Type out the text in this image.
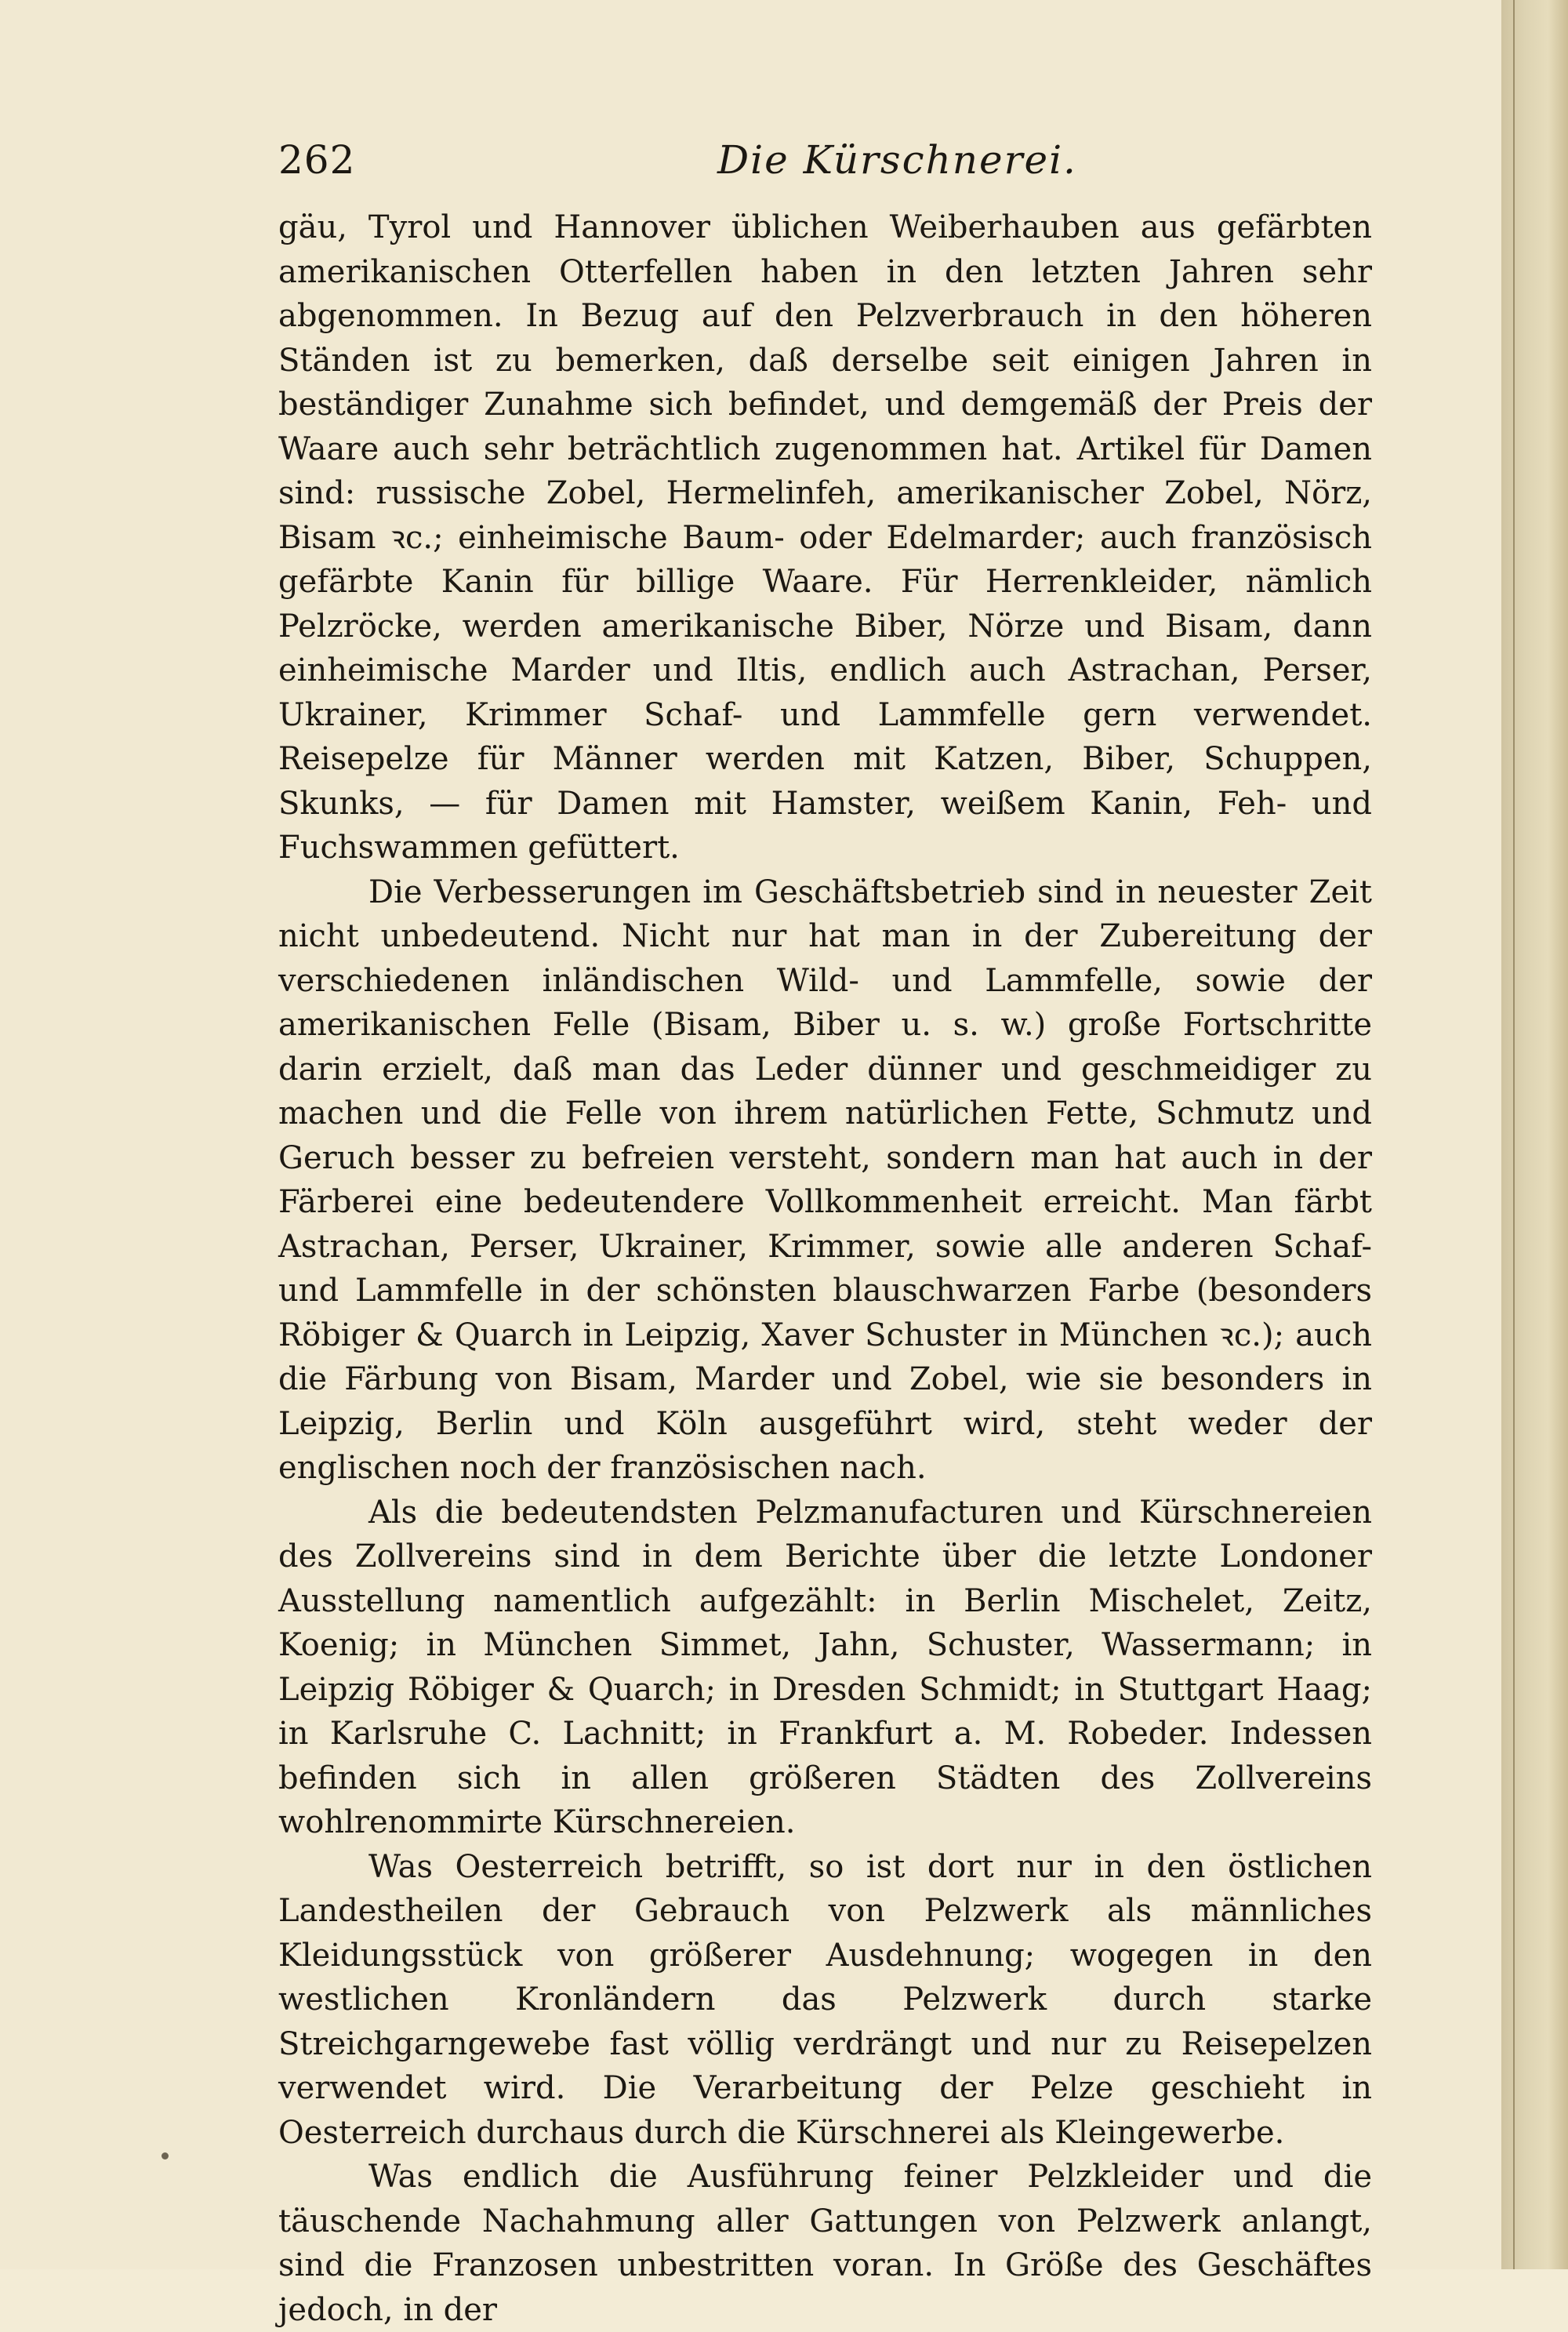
262	Die Kürschnerei.

gäu, Tyrol und Hannover üblichen Weiberhauben aus gefärbten amerikanischen Otterfellen haben in den letzten Jahren sehr abgenommen. In Bezug auf den Pelzverbrauch in den höheren Ständen ist zu bemerken, daß derselbe seit einigen Jahren in beständiger Zunahme sich befindet, und demgemäß der Preis der Waare auch sehr beträchtlich zugenommen hat. Artikel für Damen sind: russische Zobel, Hermelinfeh, amerikanischer Zobel, Nörz, Bisam ꝛc.; einheimische Baum- oder Edelmarder; auch französisch gefärbte Kanin für billige Waare. Für Herrenkleider, nämlich Pelzröcke, werden amerikanische Biber, Nörze und Bisam, dann einheimische Marder und Iltis, endlich auch Astrachan, Perser, Ukrainer, Krimmer Schaf- und Lammfelle gern verwendet. Reisepelze für Männer werden mit Katzen, Biber, Schuppen, Skunks, — für Damen mit Hamster, weißem Kanin, Feh- und Fuchswammen gefüttert.

Die Verbesserungen im Geschäftsbetrieb sind in neuester Zeit nicht unbedeutend. Nicht nur hat man in der Zubereitung der verschiedenen inländischen Wild- und Lammfelle, sowie der amerikanischen Felle (Bisam, Biber u. s. w.) große Fortschritte darin erzielt, daß man das Leder dünner und geschmeidiger zu machen und die Felle von ihrem natürlichen Fette, Schmutz und Geruch besser zu befreien versteht, sondern man hat auch in der Färberei eine bedeutendere Vollkommenheit erreicht. Man färbt Astrachan, Perser, Ukrainer, Krimmer, sowie alle anderen Schaf- und Lammfelle in der schönsten blauschwarzen Farbe (besonders Röbiger & Quarch in Leipzig, Xaver Schuster in München ꝛc.); auch die Färbung von Bisam, Marder und Zobel, wie sie besonders in Leipzig, Berlin und Köln ausgeführt wird, steht weder der englischen noch der französischen nach.

Als die bedeutendsten Pelzmanufacturen und Kürschnereien des Zollvereins sind in dem Berichte über die letzte Londoner Ausstellung namentlich aufgezählt: in Berlin Mischelet, Zeitz, Koenig; in München Simmet, Jahn, Schuster, Wassermann; in Leipzig Röbiger & Quarch; in Dresden Schmidt; in Stuttgart Haag; in Karlsruhe C. Lachnitt; in Frankfurt a. M. Robeder. Indessen befinden sich in allen größeren Städten des Zollvereins wohlrenommirte Kürschnereien.

Was Oesterreich betrifft, so ist dort nur in den östlichen Landestheilen der Gebrauch von Pelzwerk als männliches Kleidungsstück von größerer Ausdehnung; wogegen in den westlichen Kronländern das Pelzwerk durch starke Streichgarngewebe fast völlig verdrängt und nur zu Reisepelzen verwendet wird. Die Verarbeitung der Pelze geschieht in Oesterreich durchaus durch die Kürschnerei als Kleingewerbe.

Was endlich die Ausführung feiner Pelzkleider und die täuschende Nachahmung aller Gattungen von Pelzwerk anlangt, sind die Franzosen unbestritten voran. In Größe des Geschäftes jedoch, in der
